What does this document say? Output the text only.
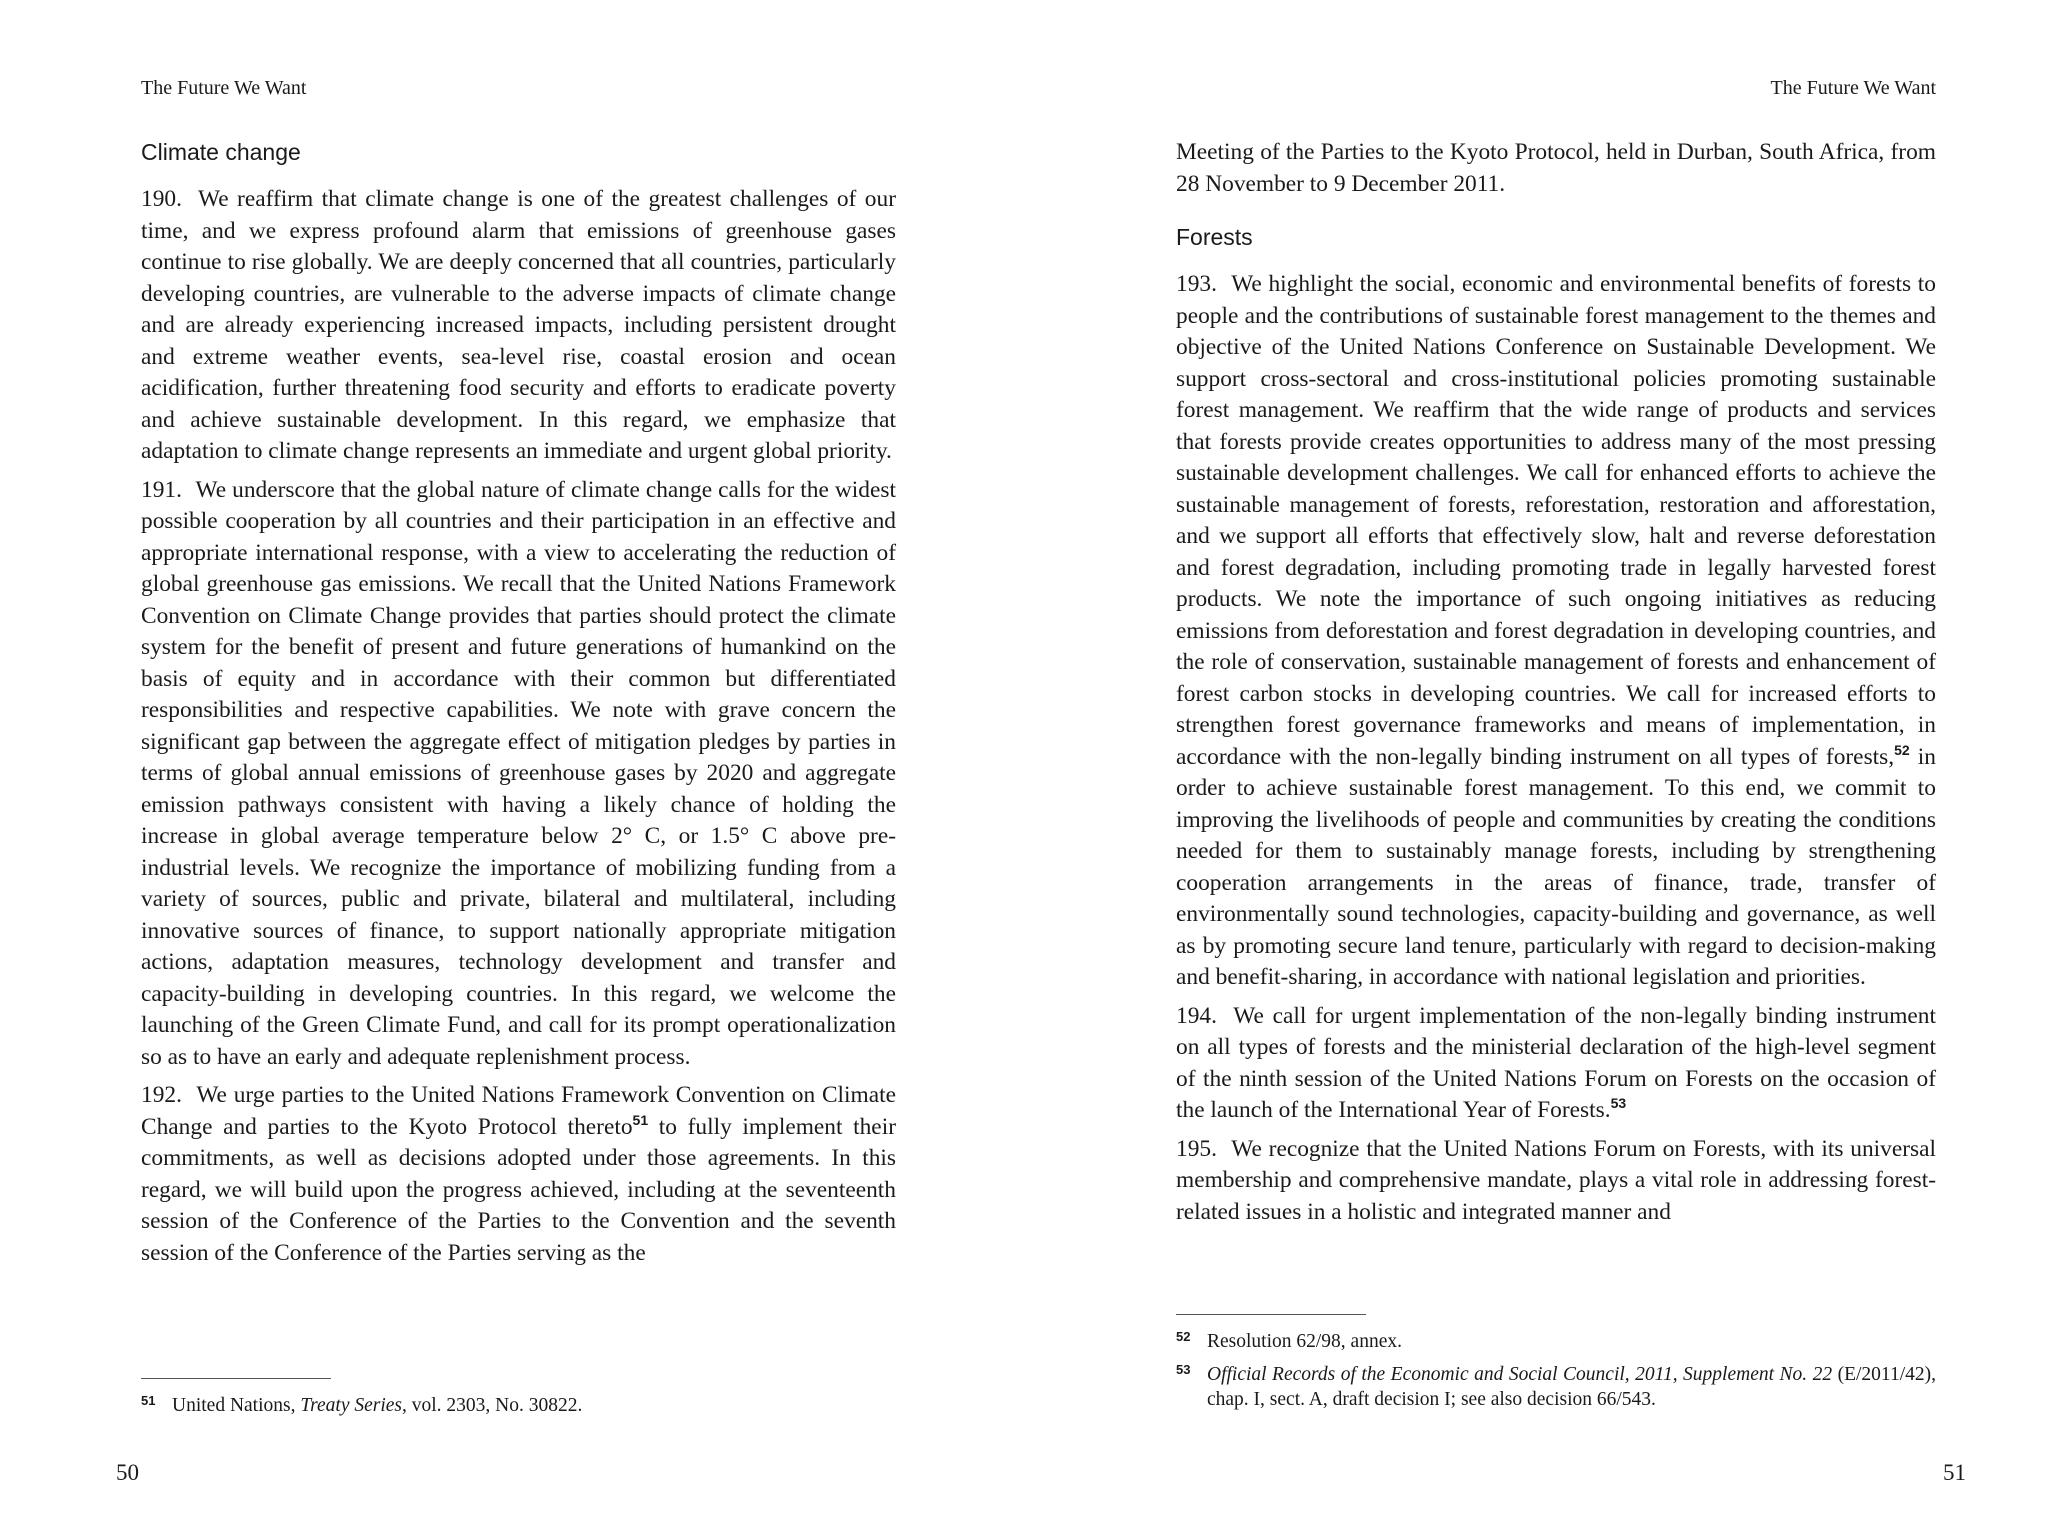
The Future We Want
Climate change

190. We reaffirm that climate change is one of the greatest challenges of our time, and we express profound alarm that emissions of greenhouse gases continue to rise globally. We are deeply concerned that all countries, particularly developing countries, are vulnerable to the adverse impacts of climate change and are already experiencing increased impacts, including persistent drought and extreme weather events, sea-level rise, coastal erosion and ocean acidification, further threatening food security and efforts to eradicate poverty and achieve sustainable development. In this regard, we emphasize that adaptation to climate change represents an immediate and urgent global priority.

191. We underscore that the global nature of climate change calls for the widest possible cooperation by all countries and their participation in an effective and appropriate international response, with a view to accelerating the reduction of global greenhouse gas emissions. We recall that the United Nations Framework Convention on Climate Change provides that parties should protect the climate system for the benefit of present and future generations of humankind on the basis of equity and in accordance with their common but differentiated responsibilities and respective capabilities. We note with grave concern the significant gap between the aggregate effect of mitigation pledges by parties in terms of global annual emissions of greenhouse gases by 2020 and aggregate emission pathways consistent with having a likely chance of holding the increase in global average temperature below 2° C, or 1.5° C above pre-industrial levels. We recognize the importance of mobilizing funding from a variety of sources, public and private, bilateral and multilateral, including innovative sources of finance, to support nationally appropriate mitigation actions, adaptation measures, technology development and transfer and capacity-building in developing countries. In this regard, we welcome the launching of the Green Climate Fund, and call for its prompt operationalization so as to have an early and adequate replenishment process.

192. We urge parties to the United Nations Framework Convention on Climate Change and parties to the Kyoto Protocol thereto$^{51}$ to fully implement their commitments, as well as decisions adopted under those agreements. In this regard, we will build upon the progress achieved, including at the seventeenth session of the Conference of the Parties to the Convention and the seventh session of the Conference of the Parties serving as the

51 United Nations, Treaty Series, vol. 2303, No. 30822.
50
The Future We Want

Meeting of the Parties to the Kyoto Protocol, held in Durban, South Africa, from 28 November to 9 December 2011.

Forests

193. We highlight the social, economic and environmental benefits of forests to people and the contributions of sustainable forest management to the themes and objective of the United Nations Conference on Sustainable Development. We support cross-sectoral and cross-institutional policies promoting sustainable forest management. We reaffirm that the wide range of products and services that forests provide creates opportunities to address many of the most pressing sustainable development challenges. We call for enhanced efforts to achieve the sustainable management of forests, reforestation, restoration and afforestation, and we support all efforts that effectively slow, halt and reverse deforestation and forest degradation, including promoting trade in legally harvested forest products. We note the importance of such ongoing initiatives as reducing emissions from deforestation and forest degradation in developing countries, and the role of conservation, sustainable management of forests and enhancement of forest carbon stocks in developing countries. We call for increased efforts to strengthen forest governance frameworks and means of implementation, in accordance with the non-legally binding instrument on all types of forests,$^{52}$ in order to achieve sustainable forest management. To this end, we commit to improving the livelihoods of people and communities by creating the conditions needed for them to sustainably manage forests, including by strengthening cooperation arrangements in the areas of finance, trade, transfer of environmentally sound technologies, capacity-building and governance, as well as by promoting secure land tenure, particularly with regard to decision-making and benefit-sharing, in accordance with national legislation and priorities.

194. We call for urgent implementation of the non-legally binding instrument on all types of forests and the ministerial declaration of the high-level segment of the ninth session of the United Nations Forum on Forests on the occasion of the launch of the International Year of Forests.$^{53}$

195. We recognize that the United Nations Forum on Forests, with its universal membership and comprehensive mandate, plays a vital role in addressing forest-related issues in a holistic and integrated manner and

52 Resolution 62/98, annex.
53 Official Records of the Economic and Social Council, 2011, Supplement No. 22 (E/2011/42), chap. I, sect. A, draft decision I; see also decision 66/543.
51
